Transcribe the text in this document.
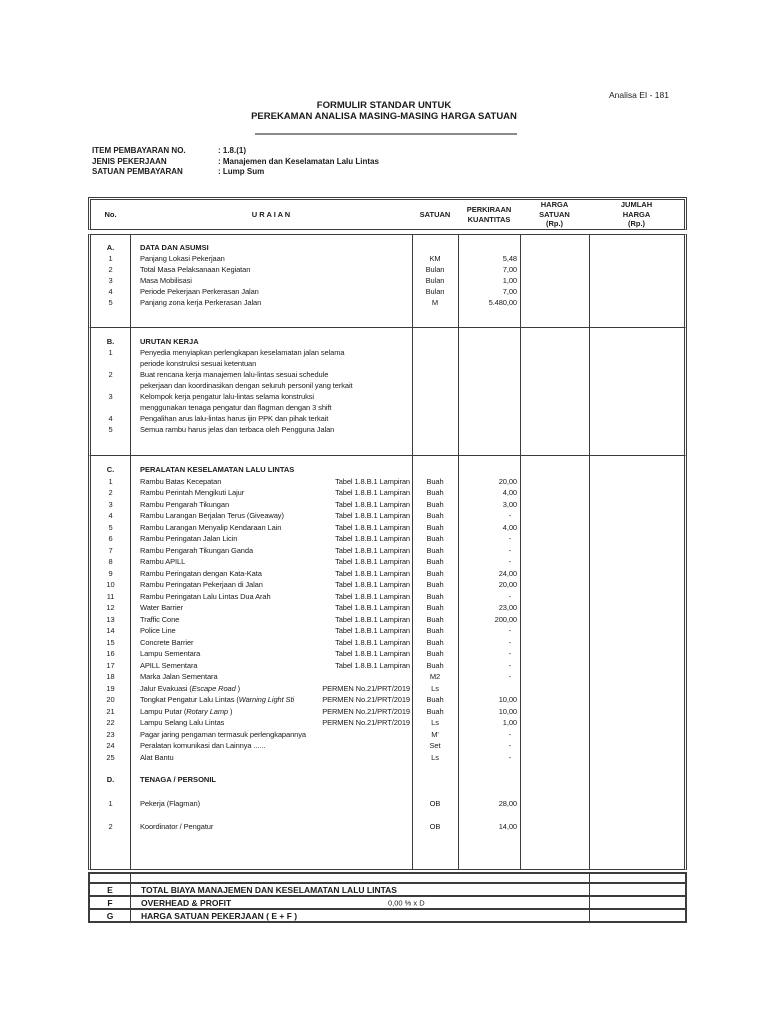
Analisa EI - 181
FORMULIR STANDAR UNTUK
PEREKAMAN ANALISA MASING-MASING HARGA SATUAN
ITEM PEMBAYARAN NO.	: 1.8.(1)
JENIS PEKERJAAN	: Manajemen dan Keselamatan Lalu Lintas
SATUAN PEMBAYARAN	: Lump Sum
No.	U R A I A N	SATUAN
PERKIRAAN
KUANTITAS
HARGA
SATUAN
(Rp.)
JUMLAH
HARGA
(Rp.)
A.	DATA DAN ASUMSI
1	Panjang Lokasi Pekerjaan	KM	5,48
2	Total Masa Pelaksanaan Kegiatan	Bulan	7,00
3	Masa Mobilisasi	Bulan	1,00
4	Periode Pekerjaan Perkerasan Jalan	Bulan	7,00
5	Panjang zona kerja Perkerasan Jalan	M	5.480,00
B.	URUTAN KERJA
1	Penyedia menyiapkan perlengkapan keselamatan jalan selama
periode konstruksi sesuai ketentuan
2	Buat rencana kerja manajemen lalu-lintas sesuai schedule
pekerjaan dan koordinasikan dengan seluruh personil yang terkait
3	Kelompok kerja pengatur lalu-lintas selama konstruksi
menggunakan tenaga pengatur dan flagman dengan 3 shift
4	Pengalihan arus lalu-lintas harus ijin PPK dan pihak terkait
5	Semua rambu harus jelas dan terbaca oleh Pengguna Jalan
C.	PERALATAN KESELAMATAN LALU LINTAS
1	Rambu Batas Kecepatan	Tabel 1.8.B.1 Lampiran	Buah	20,00
2	Rambu Perintah Mengikuti Lajur	Tabel 1.8.B.1 Lampiran	Buah	4,00
3	Rambu Pengarah Tikungan	Tabel 1.8.B.1 Lampiran	Buah	3,00
4	Rambu Larangan Berjalan Terus (Giveaway)	Tabel 1.8.B.1 Lampiran	Buah	-
5	Rambu Larangan Menyalip Kendaraan Lain	Tabel 1.8.B.1 Lampiran	Buah	4,00
6	Rambu Peringatan Jalan Licin	Tabel 1.8.B.1 Lampiran	Buah	-
7	Rambu Pengarah Tikungan Ganda	Tabel 1.8.B.1 Lampiran	Buah	-
8	Rambu APILL	Tabel 1.8.B.1 Lampiran	Buah	-
9	Rambu Peringatan dengan Kata-Kata	Tabel 1.8.B.1 Lampiran	Buah	24,00
10	Rambu Peringatan Pekerjaan di Jalan	Tabel 1.8.B.1 Lampiran	Buah	20,00
11	Rambu Peringatan Lalu Lintas Dua Arah	Tabel 1.8.B.1 Lampiran	Buah	-
12	Water Barrier	Tabel 1.8.B.1 Lampiran	Buah	23,00
13	Traffic Cone	Tabel 1.8.B.1 Lampiran	Buah	200,00
14	Police Line	Tabel 1.8.B.1 Lampiran	Buah	-
15	Concrete Barrier	Tabel 1.8.B.1 Lampiran	Buah	-
16	Lampu Sementara	Tabel 1.8.B.1 Lampiran	Buah	-
17	APILL Sementara	Tabel 1.8.B.1 Lampiran	Buah	-
18	Marka Jalan Sementara	M2	-
19	Jalur Evakuasi (Escape Road )	PERMEN No.21/PRT/2019	Ls
20	Tongkat Pengatur Lalu Lintas (Warning Light Sti	PERMEN No.21/PRT/2019	Buah	10,00
21	Lampu Putar (Rotary Lamp )	PERMEN No.21/PRT/2019	Buah	10,00
22	Lampu Selang Lalu Lintas	PERMEN No.21/PRT/2019	Ls	1,00
23	Pagar jaring pengaman termasuk perlengkapannya	M'	-
24	Peralatan komunikasi dan Lainnya ......	Set	-
25	Alat Bantu	Ls	-
D.	TENAGA / PERSONIL
1	Pekerja (Flagman)	OB	28,00
2	Koordinator / Pengatur	OB	14,00
E	TOTAL BIAYA MANAJEMEN DAN KESELAMATAN LALU LINTAS
F	OVERHEAD & PROFIT	0,00 % x D
G	HARGA SATUAN PEKERJAAN ( E + F )
